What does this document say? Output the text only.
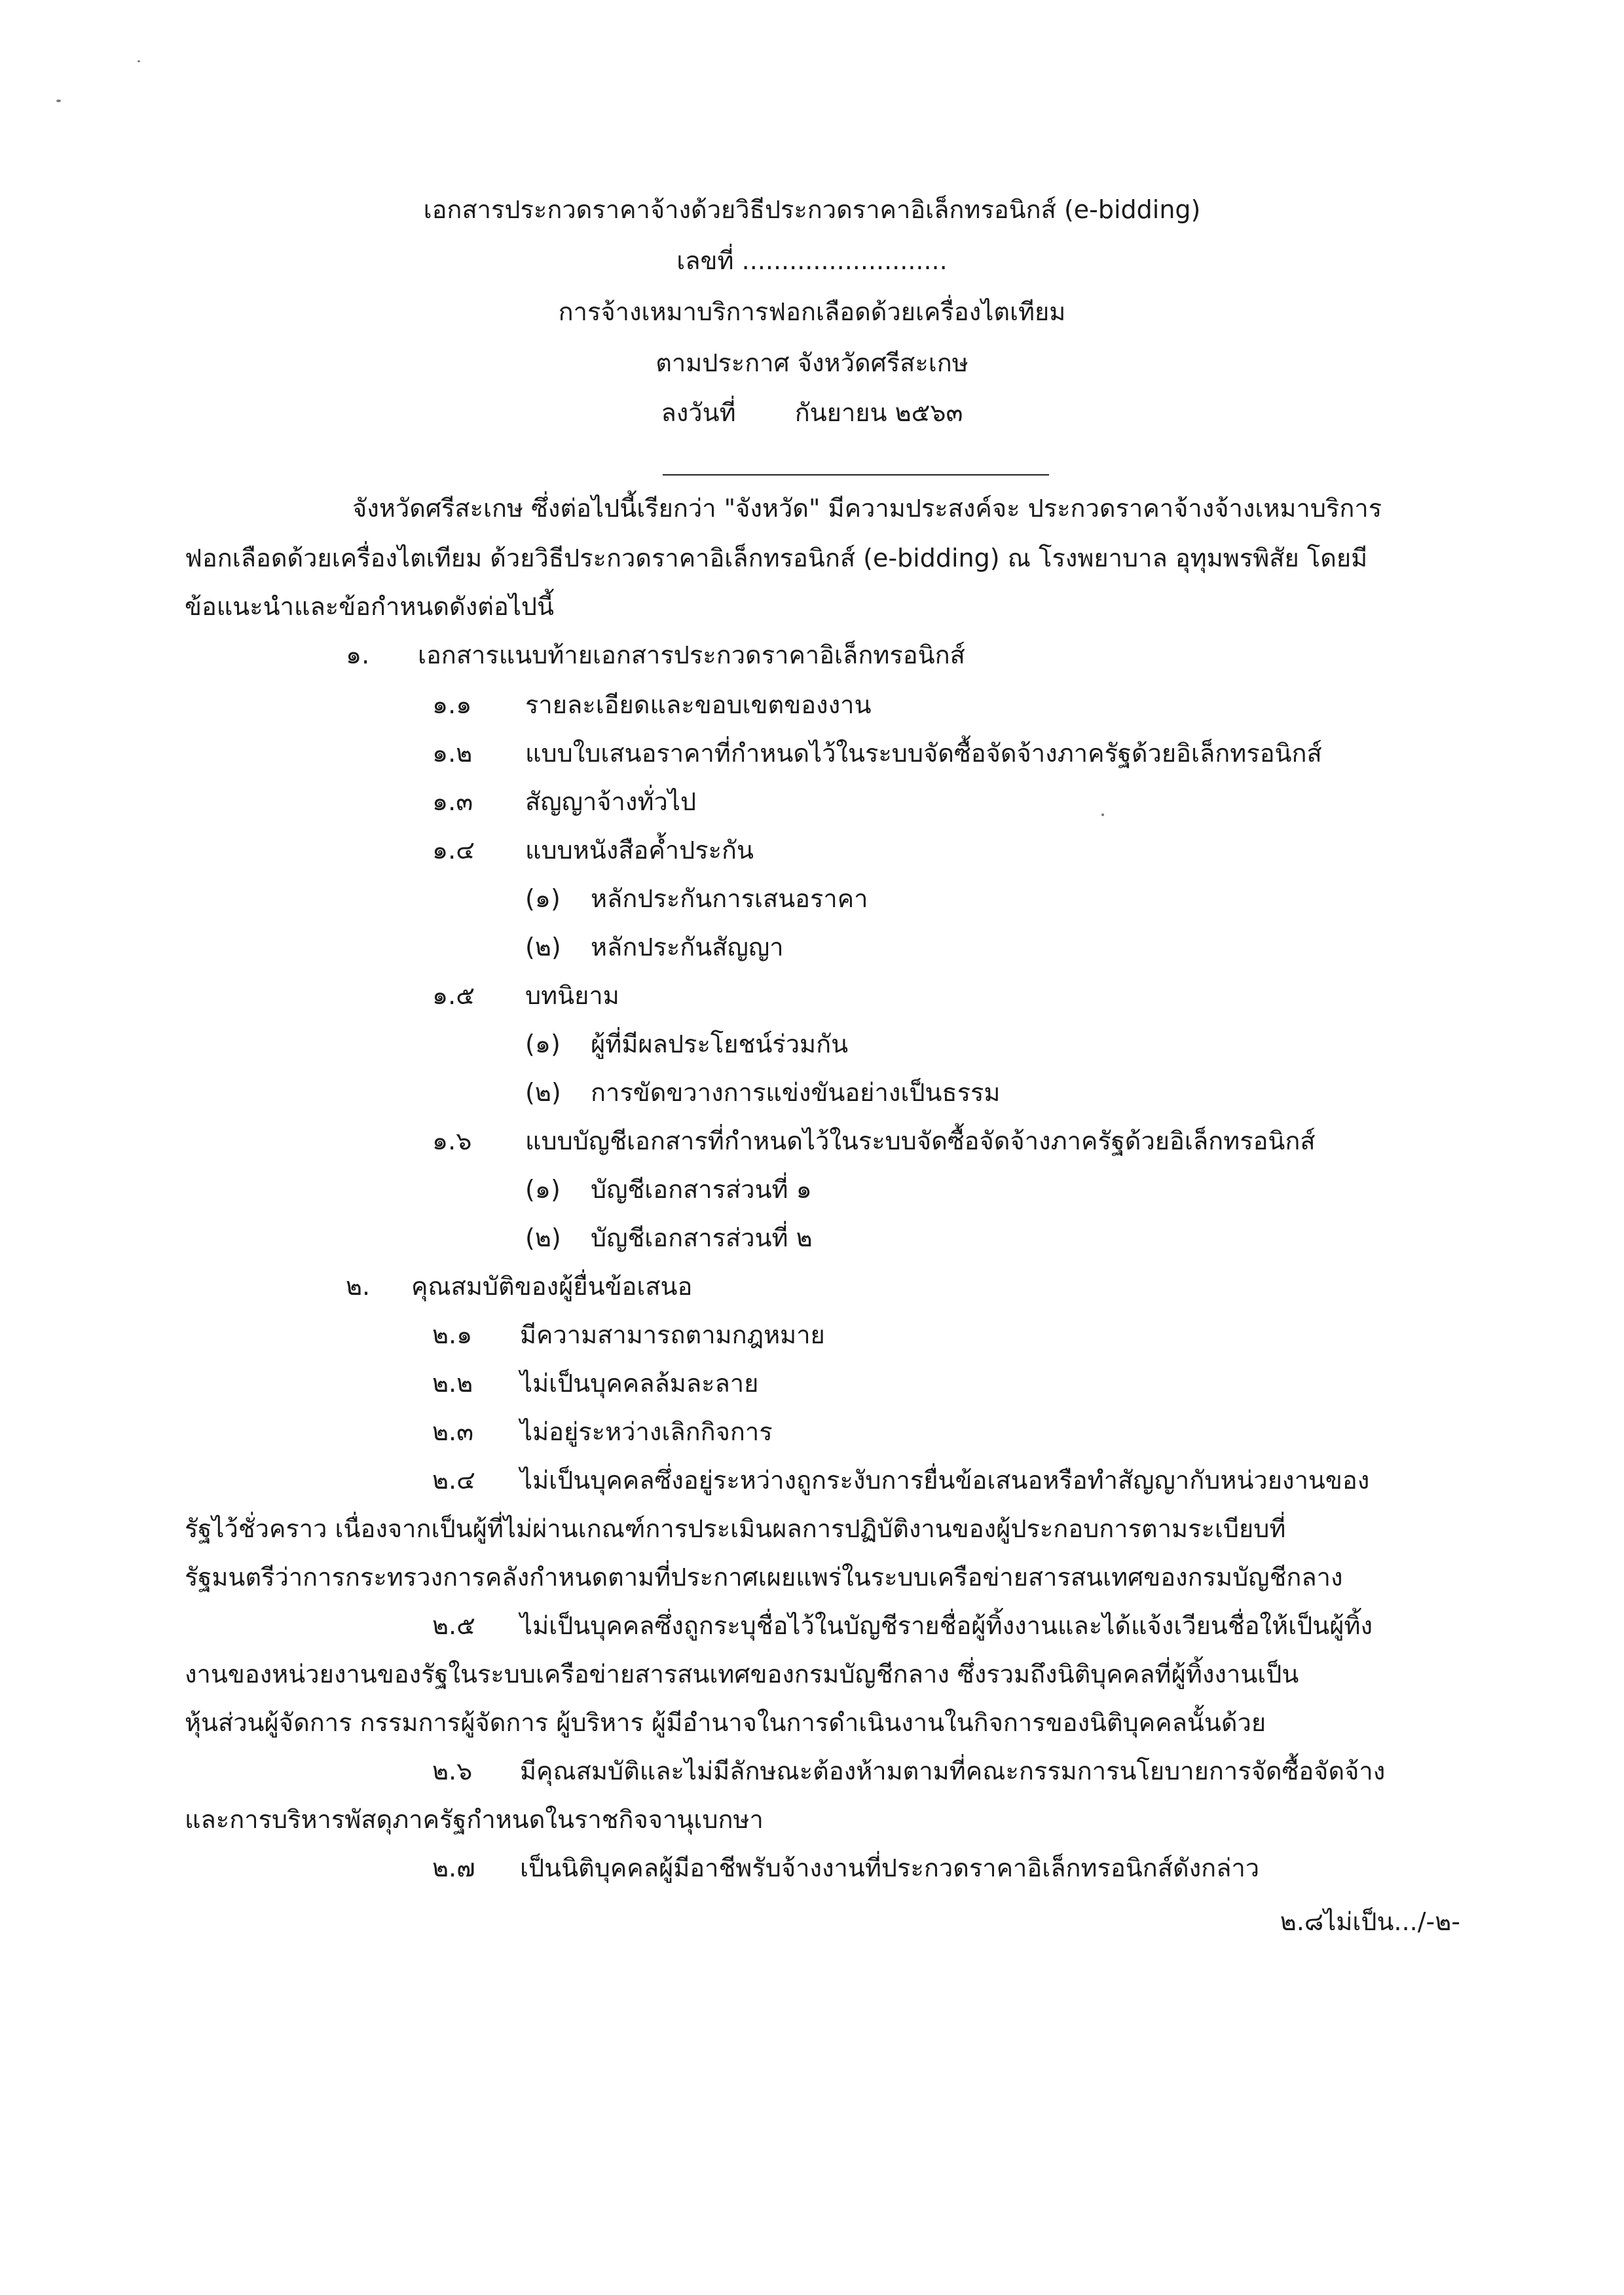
เอกสารประกวดราคาจ้างด้วยวิธีประกวดราคาอิเล็กทรอนิกส์ (e-bidding)
เลขที่ ..........................
การจ้างเหมาบริการฟอกเลือดด้วยเครื่องไตเทียม
ตามประกาศ จังหวัดศรีสะเกษ
ลงวันที่ กันยายน ๒๕๖๓
จังหวัดศรีสะเกษ ซึ่งต่อไปนี้เรียกว่า "จังหวัด" มีความประสงค์จะ ประกวดราคาจ้างจ้างเหมาบริการ
ฟอกเลือดด้วยเครื่องไตเทียม ด้วยวิธีประกวดราคาอิเล็กทรอนิกส์ (e-bidding) ณ โรงพยาบาล อุทุมพรพิสัย โดยมี
ข้อแนะนำและข้อกำหนดดังต่อไปนี้
๑. เอกสารแนบท้ายเอกสารประกวดราคาอิเล็กทรอนิกส์
๑.๑ รายละเอียดและขอบเขตของงาน
๑.๒ แบบใบเสนอราคาที่กำหนดไว้ในระบบจัดซื้อจัดจ้างภาครัฐด้วยอิเล็กทรอนิกส์
๑.๓ สัญญาจ้างทั่วไป
๑.๔ แบบหนังสือค้ำประกัน
(๑) หลักประกันการเสนอราคา
(๒) หลักประกันสัญญา
๑.๕ บทนิยาม
(๑) ผู้ที่มีผลประโยชน์ร่วมกัน
(๒) การขัดขวางการแข่งขันอย่างเป็นธรรม
๑.๖ แบบบัญชีเอกสารที่กำหนดไว้ในระบบจัดซื้อจัดจ้างภาครัฐด้วยอิเล็กทรอนิกส์
(๑) บัญชีเอกสารส่วนที่ ๑
(๒) บัญชีเอกสารส่วนที่ ๒
๒. คุณสมบัติของผู้ยื่นข้อเสนอ
๒.๑ มีความสามารถตามกฎหมาย
๒.๒ ไม่เป็นบุคคลล้มละลาย
๒.๓ ไม่อยู่ระหว่างเลิกกิจการ
๒.๔ ไม่เป็นบุคคลซึ่งอยู่ระหว่างถูกระงับการยื่นข้อเสนอหรือทำสัญญากับหน่วยงานของ
รัฐไว้ชั่วคราว เนื่องจากเป็นผู้ที่ไม่ผ่านเกณฑ์การประเมินผลการปฏิบัติงานของผู้ประกอบการตามระเบียบที่
รัฐมนตรีว่าการกระทรวงการคลังกำหนดตามที่ประกาศเผยแพร่ในระบบเครือข่ายสารสนเทศของกรมบัญชีกลาง
๒.๕ ไม่เป็นบุคคลซึ่งถูกระบุชื่อไว้ในบัญชีรายชื่อผู้ทิ้งงานและได้แจ้งเวียนชื่อให้เป็นผู้ทิ้ง
งานของหน่วยงานของรัฐในระบบเครือข่ายสารสนเทศของกรมบัญชีกลาง ซึ่งรวมถึงนิติบุคคลที่ผู้ทิ้งงานเป็น
หุ้นส่วนผู้จัดการ กรรมการผู้จัดการ ผู้บริหาร ผู้มีอำนาจในการดำเนินงานในกิจการของนิติบุคคลนั้นด้วย
๒.๖ มีคุณสมบัติและไม่มีลักษณะต้องห้ามตามที่คณะกรรมการนโยบายการจัดซื้อจัดจ้าง
และการบริหารพัสดุภาครัฐกำหนดในราชกิจจานุเบกษา
๒.๗ เป็นนิติบุคคลผู้มีอาชีพรับจ้างงานที่ประกวดราคาอิเล็กทรอนิกส์ดังกล่าว
๒.๘ไม่เป็น.../-๒-
